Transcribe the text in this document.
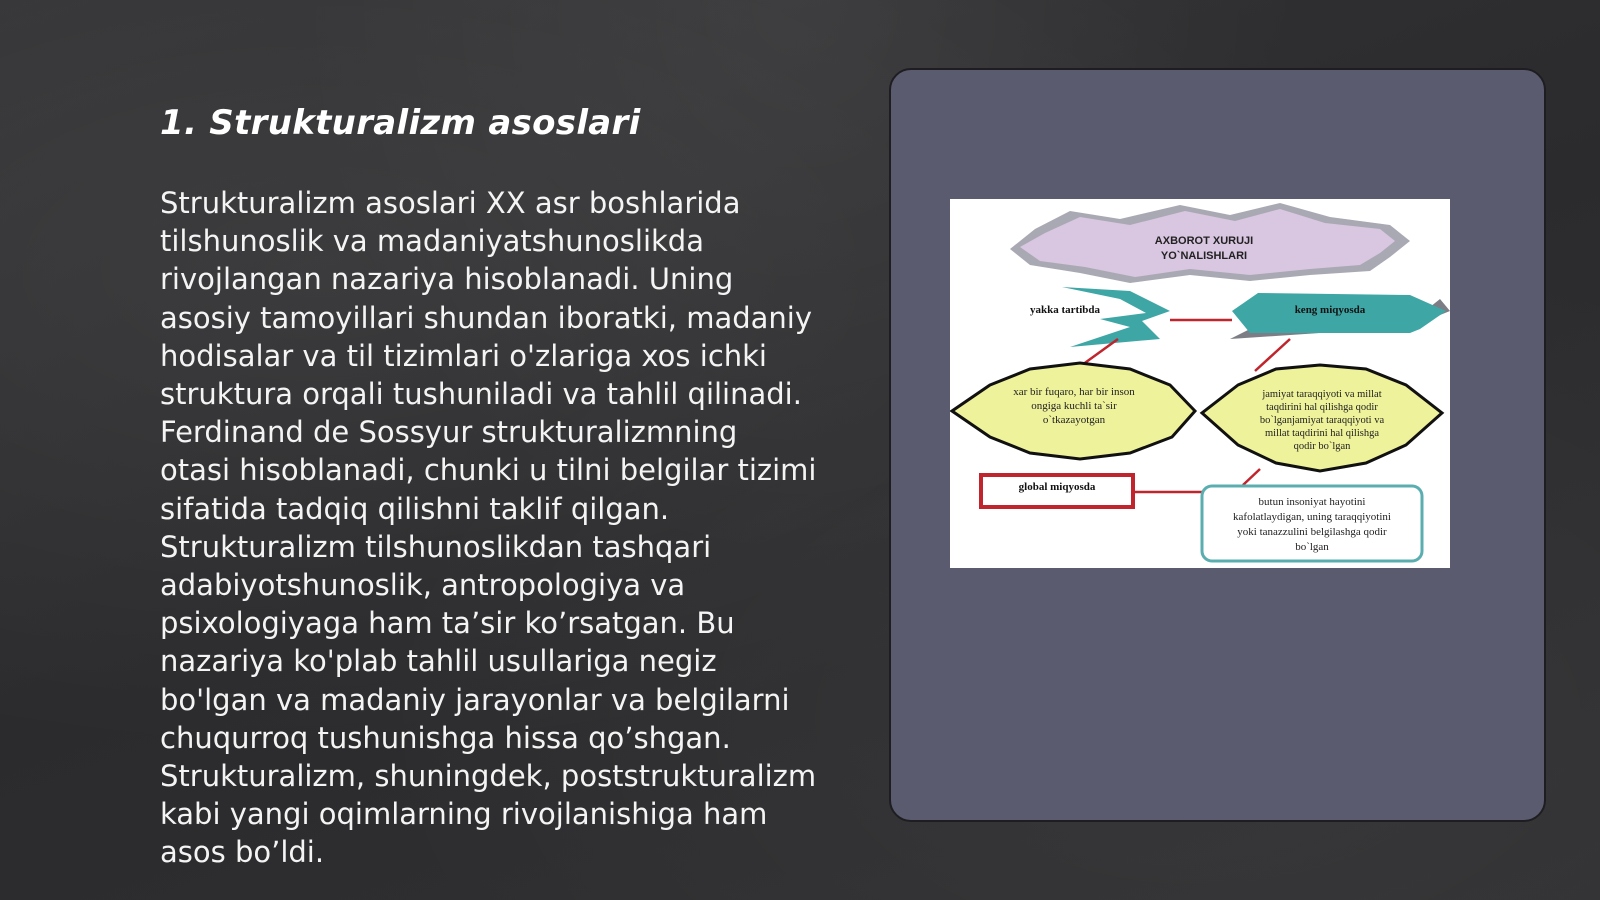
1. Strukturalizm asoslari

Strukturalizm asoslari XX asr boshlarida
tilshunoslik va madaniyatshunoslikda
rivojlangan nazariya hisoblanadi. Uning
asosiy tamoyillari shundan iboratki, madaniy
hodisalar va til tizimlari o'zlariga xos ichki
struktura orqali tushuniladi va tahlil qilinadi.
Ferdinand de Sossyur strukturalizmning
otasi hisoblanadi, chunki u tilni belgilar tizimi
sifatida tadqiq qilishni taklif qilgan.
Strukturalizm tilshunoslikdan tashqari
adabiyotshunoslik, antropologiya va
psixologiyaga ham ta’sir ko’rsatgan. Bu
nazariya ko'plab tahlil usullariga negiz
bo'lgan va madaniy jarayonlar va belgilarni
chuqurroq tushunishga hissa qo’shgan.
Strukturalizm, shuningdek, poststrukturalizm
kabi yangi oqimlarning rivojlanishiga ham
asos bo’ldi.

AXBOROT XURUJI
YO`NALISHLARI
yakka tartibda	keng miqyosda
xar bir fuqaro, har bir inson
ongiga kuchli ta`sir
o`tkazayotgan
jamiyat taraqqiyoti va millat
taqdirini hal qilishga qodir
bo`lganjamiyat taraqqiyoti va
millat taqdirini hal qilishga
qodir bo`lgan
global miqyosda
butun insoniyat hayotini
kafolatlaydigan, uning taraqqiyotini
yoki tanazzulini belgilashga qodir
bo`lgan
